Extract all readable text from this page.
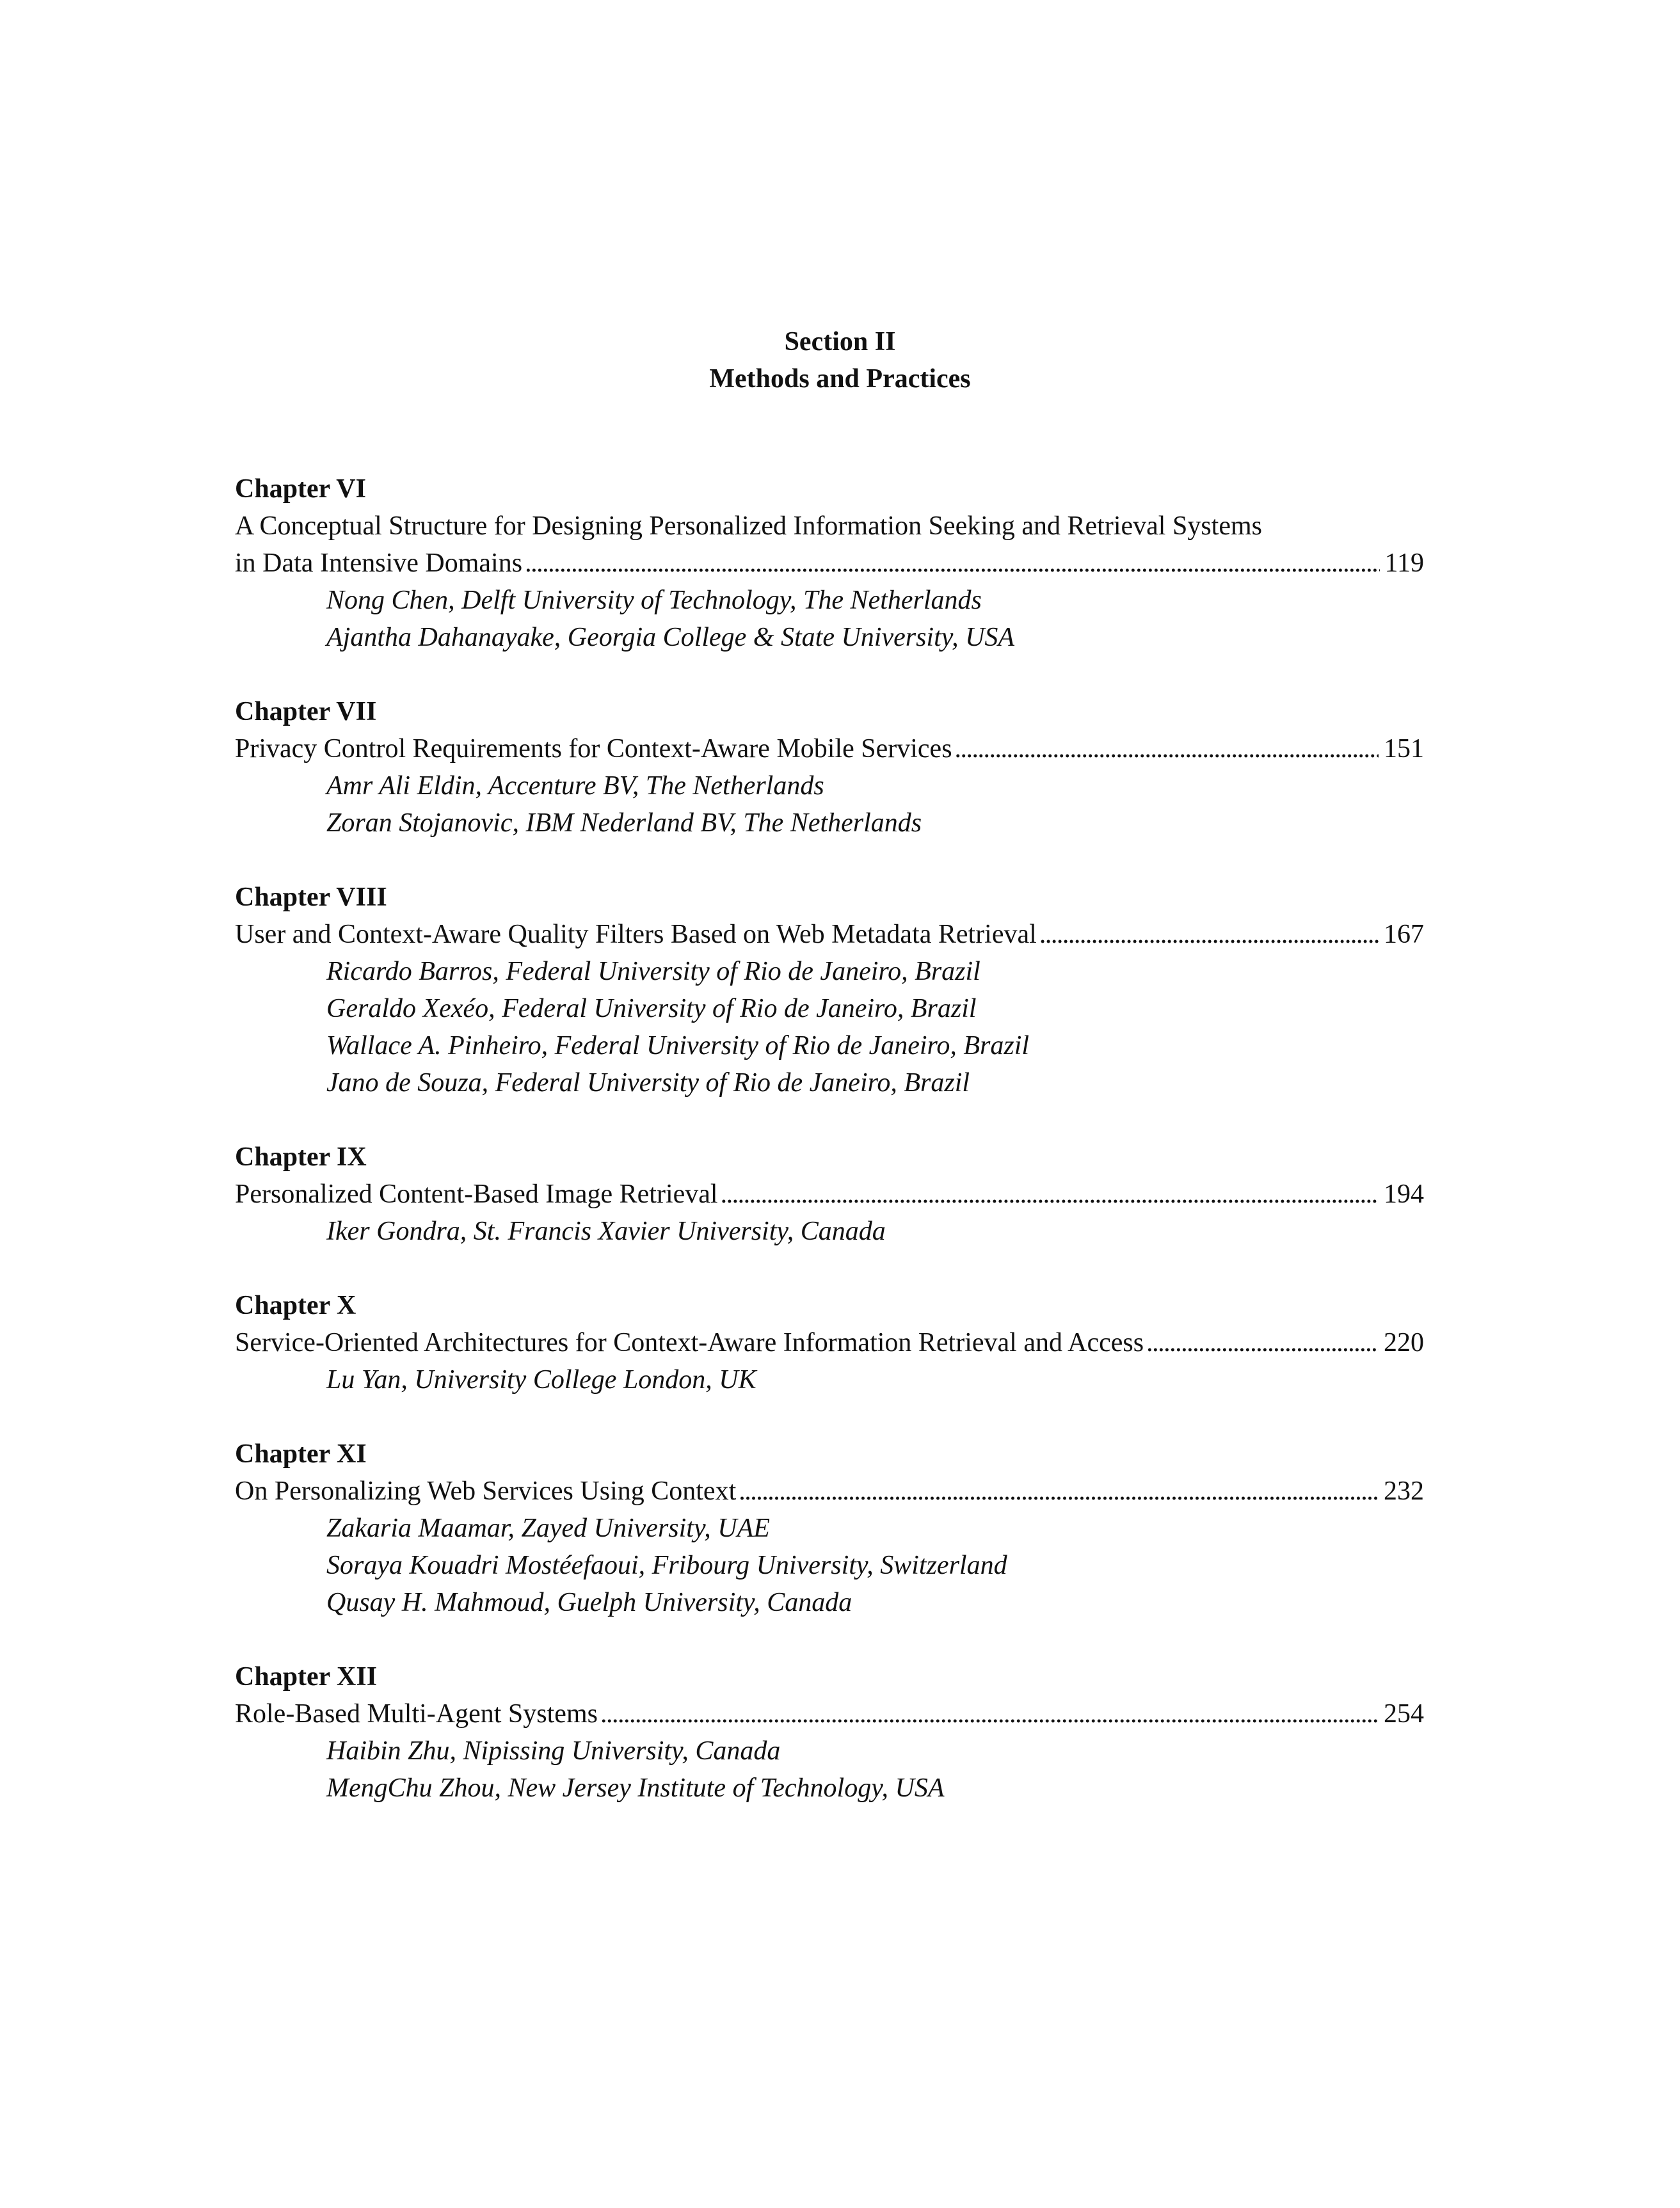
Section II
Methods and Practices
Chapter VI
A Conceptual Structure for Designing Personalized Information Seeking and Retrieval Systems
in Data Intensive Domains . . .	119
Nong Chen, Delft University of Technology, The Netherlands
Ajantha Dahanayake, Georgia College & State University, USA
Chapter VII
Privacy Control Requirements for Context-Aware Mobile Services . . .	151
Amr Ali Eldin, Accenture BV, The Netherlands
Zoran Stojanovic, IBM Nederland BV, The Netherlands
Chapter VIII
User and Context-Aware Quality Filters Based on Web Metadata Retrieval . . .	167
Ricardo Barros, Federal University of Rio de Janeiro, Brazil
Geraldo Xexéo, Federal University of Rio de Janeiro, Brazil
Wallace A. Pinheiro, Federal University of Rio de Janeiro, Brazil
Jano de Souza, Federal University of Rio de Janeiro, Brazil
Chapter IX
Personalized Content-Based Image Retrieval . . .	194
Iker Gondra, St. Francis Xavier University, Canada
Chapter X
Service-Oriented Architectures for Context-Aware Information Retrieval and Access . . .	220
Lu Yan, University College London, UK
Chapter XI
On Personalizing Web Services Using Context . . .	232
Zakaria Maamar, Zayed University, UAE
Soraya Kouadri Mostéefaoui, Fribourg University, Switzerland
Qusay H. Mahmoud, Guelph University, Canada
Chapter XII
Role-Based Multi-Agent Systems . . .	254
Haibin Zhu, Nipissing University, Canada
MengChu Zhou, New Jersey Institute of Technology, USA
